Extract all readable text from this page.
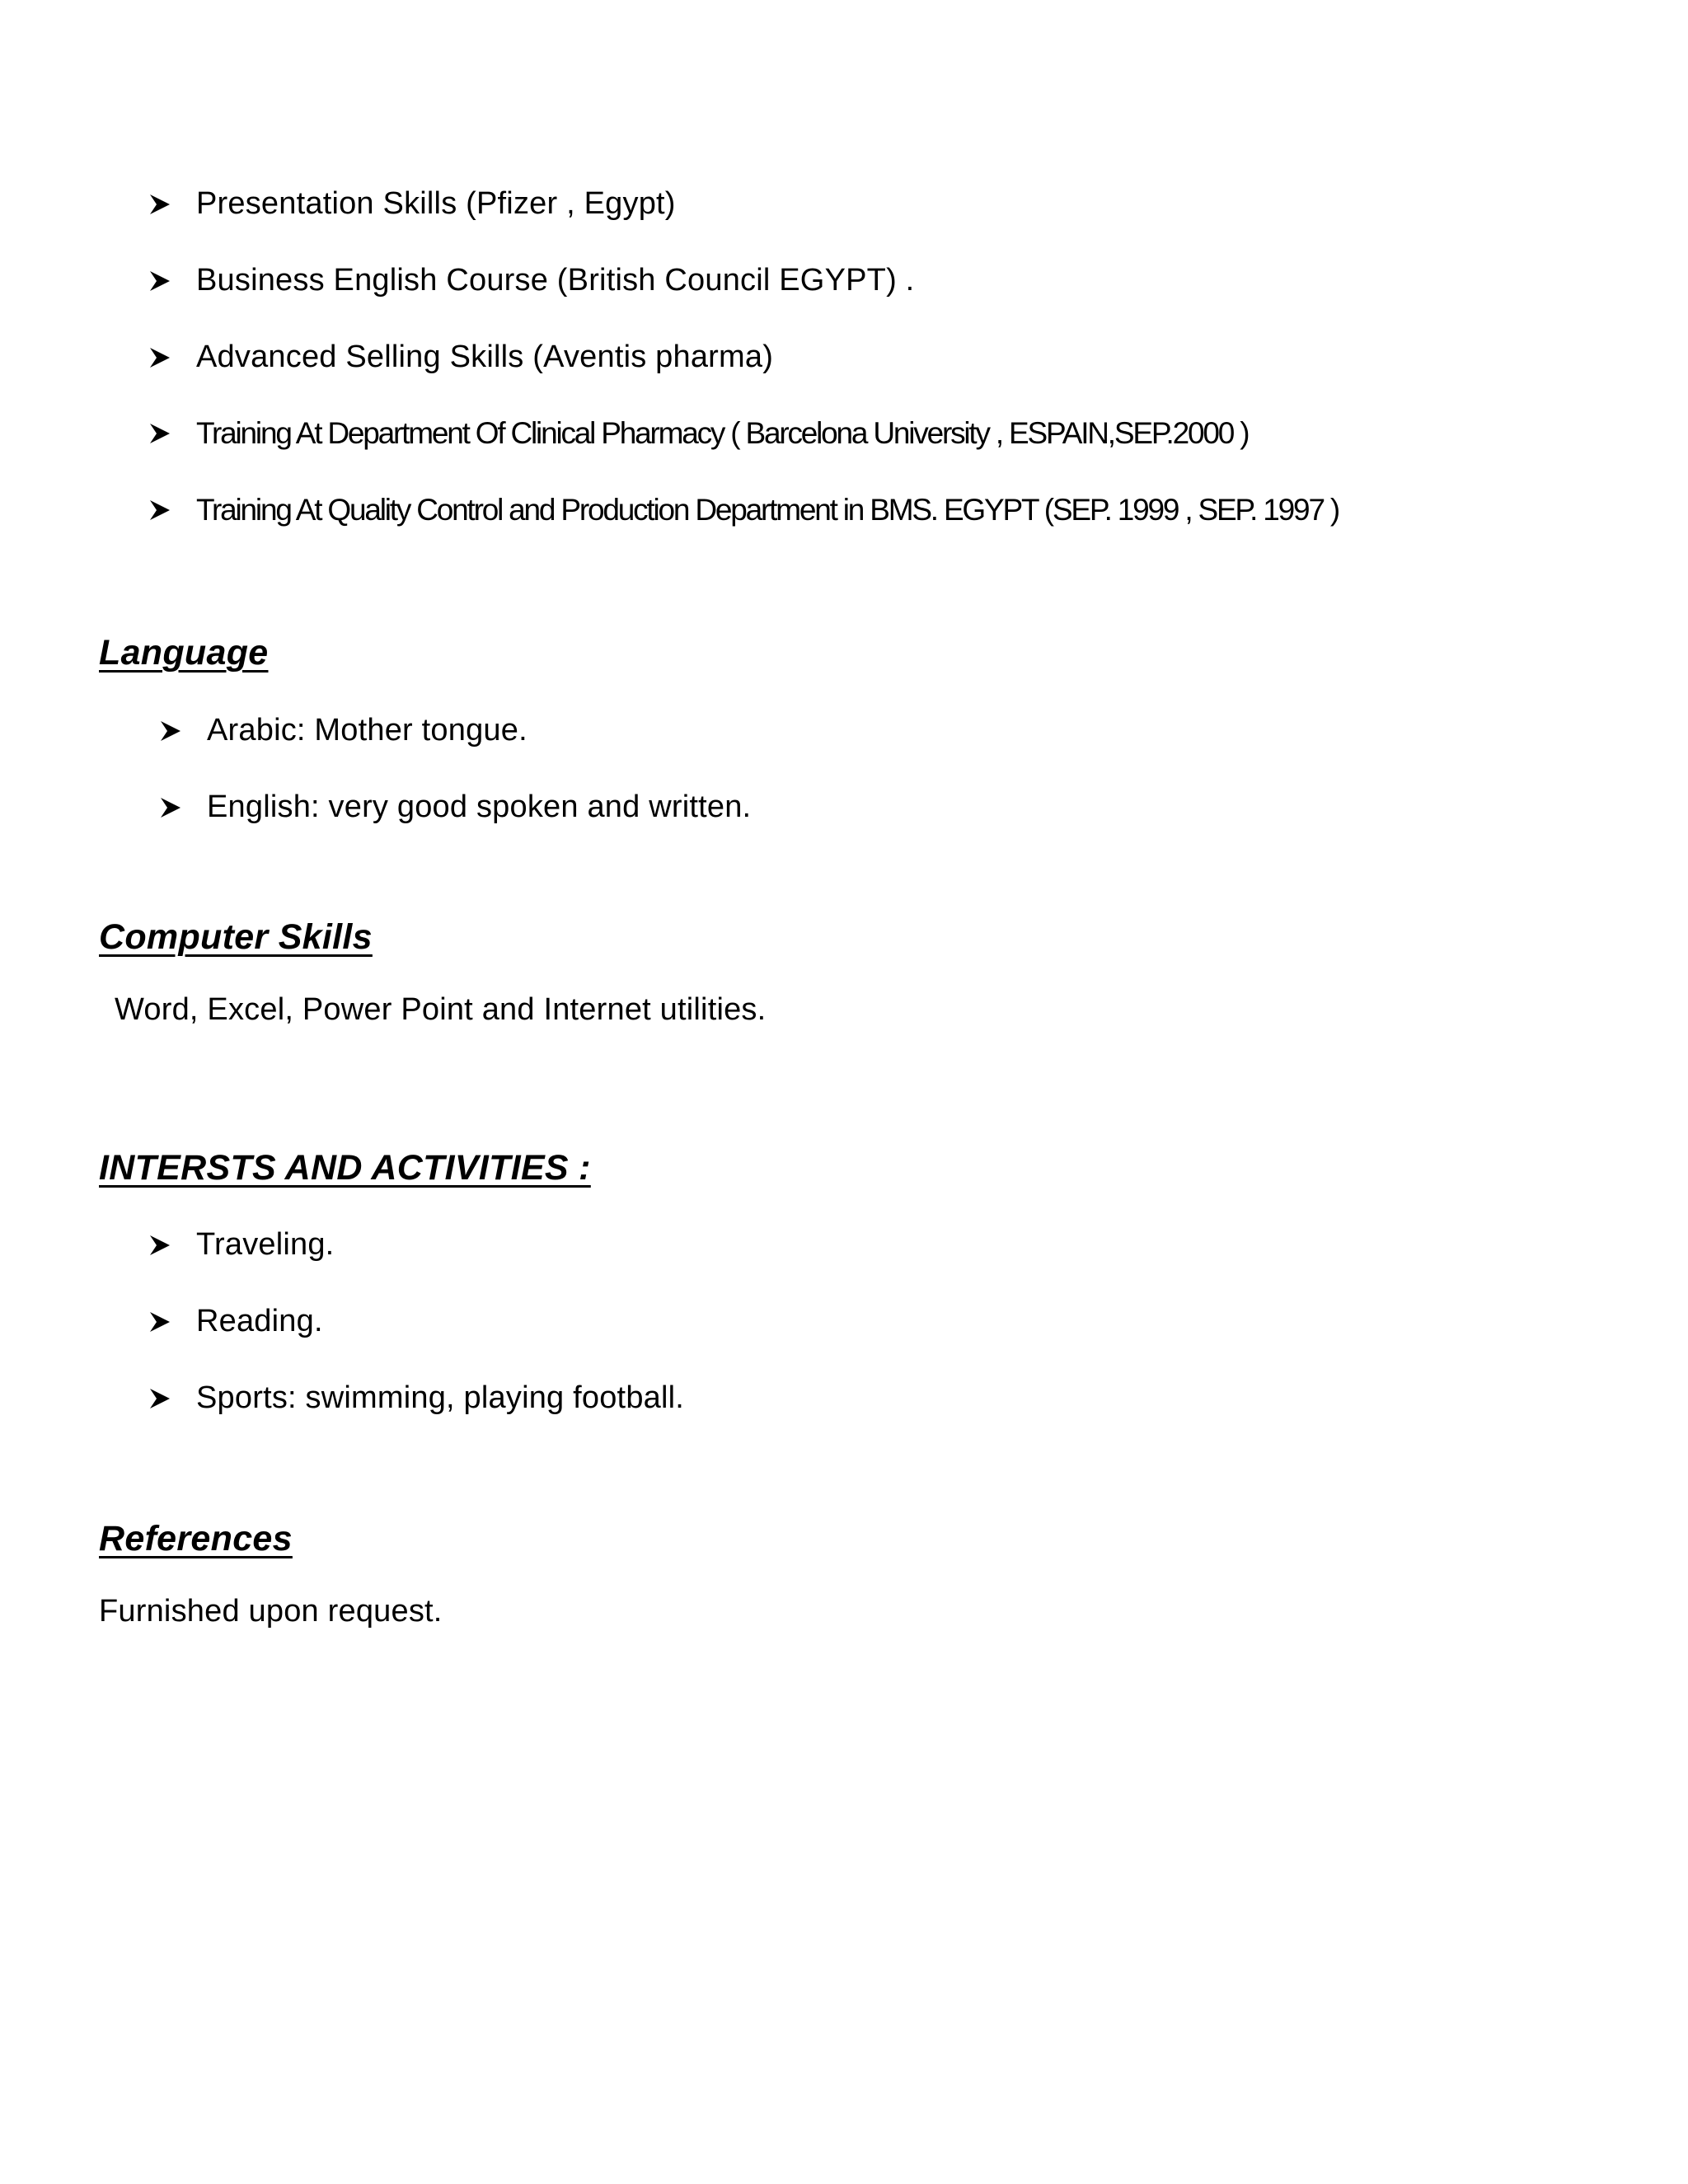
Presentation Skills (Pfizer , Egypt)
Business English Course (British Council EGYPT) .
Advanced Selling Skills (Aventis pharma)
Training At Department Of Clinical Pharmacy ( Barcelona University , ESPAIN,SEP.2000 )
Training At Quality Control and Production Department in BMS. EGYPT (SEP. 1999 , SEP. 1997 )
Language
Arabic: Mother tongue.
English: very good spoken and written.
Computer Skills
Word, Excel, Power Point and Internet utilities.
INTERSTS AND ACTIVITIES :
Traveling.
Reading.
Sports: swimming, playing football.
References
Furnished upon request.
